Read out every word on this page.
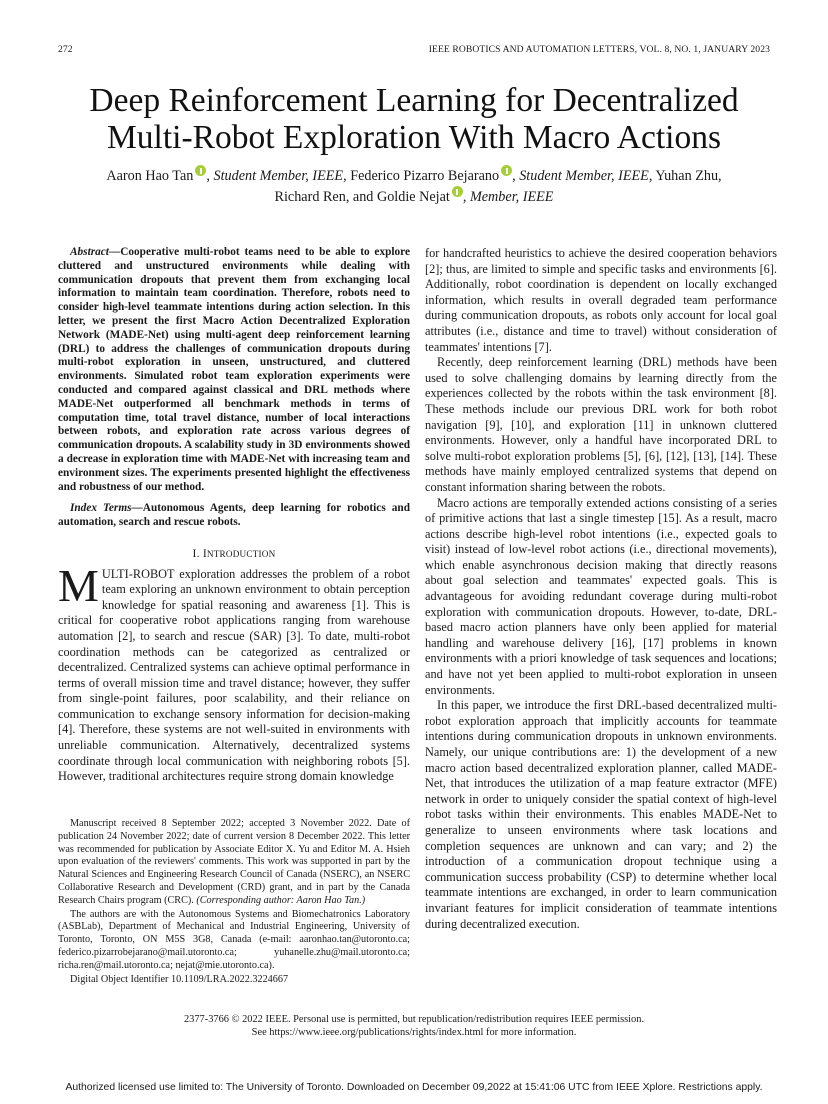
272	IEEE ROBOTICS AND AUTOMATION LETTERS, VOL. 8, NO. 1, JANUARY 2023
Deep Reinforcement Learning for Decentralized
Multi-Robot Exploration With Macro Actions
Aaron Hao Tan , Student Member, IEEE, Federico Pizarro Bejarano , Student Member, IEEE, Yuhan Zhu,
Richard Ren, and Goldie Nejat , Member, IEEE

Abstract—Cooperative multi-robot teams need to be able to explore cluttered and unstructured environments while dealing with communication dropouts that prevent them from exchanging local information to maintain team coordination. Therefore, robots need to consider high-level teammate intentions during action selection. In this letter, we present the first Macro Action Decentralized Exploration Network (MADE-Net) using multi-agent deep reinforcement learning (DRL) to address the challenges of communication dropouts during multi-robot exploration in unseen, unstructured, and cluttered environments. Simulated robot team exploration experiments were conducted and compared against classical and DRL methods where MADE-Net outperformed all benchmark methods in terms of computation time, total travel distance, number of local interactions between robots, and exploration rate across various degrees of communication dropouts. A scalability study in 3D environments showed a decrease in exploration time with MADE-Net with increasing team and environment sizes. The experiments presented highlight the effectiveness and robustness of our method.

Index Terms—Autonomous Agents, deep learning for robotics and automation, search and rescue robots.

I. INTRODUCTION

MULTI-ROBOT exploration addresses the problem of a robot team exploring an unknown environment to obtain perception knowledge for spatial reasoning and awareness [1]. This is critical for cooperative robot applications ranging from warehouse automation [2], to search and rescue (SAR) [3]. To date, multi-robot coordination methods can be categorized as centralized or decentralized. Centralized systems can achieve optimal performance in terms of overall mission time and travel distance; however, they suffer from single-point failures, poor scalability, and their reliance on communication to exchange sensory information for decision-making [4]. Therefore, these systems are not well-suited in environments with unreliable communication. Alternatively, decentralized systems coordinate through local communication with neighboring robots [5]. However, traditional architectures require strong domain knowledge

Manuscript received 8 September 2022; accepted 3 November 2022. Date of publication 24 November 2022; date of current version 8 December 2022. This letter was recommended for publication by Associate Editor X. Yu and Editor M. A. Hsieh upon evaluation of the reviewers' comments. This work was supported in part by the Natural Sciences and Engineering Research Council of Canada (NSERC), an NSERC Collaborative Research and Development (CRD) grant, and in part by the Canada Research Chairs program (CRC). (Corresponding author: Aaron Hao Tan.)

The authors are with the Autonomous Systems and Biomechatronics Laboratory (ASBLab), Department of Mechanical and Industrial Engineering, University of Toronto, Toronto, ON M5S 3G8, Canada (e-mail: aaronhao.tan@utoronto.ca; federico.pizarrobejarano@mail.utoronto.ca; yuhanelle.zhu@mail.utoronto.ca; richa.ren@mail.utoronto.ca; nejat@mie.utoronto.ca).

Digital Object Identifier 10.1109/LRA.2022.3224667

for handcrafted heuristics to achieve the desired cooperation behaviors [2]; thus, are limited to simple and specific tasks and environments [6]. Additionally, robot coordination is dependent on locally exchanged information, which results in overall degraded team performance during communication dropouts, as robots only account for local goal attributes (i.e., distance and time to travel) without consideration of teammates' intentions [7].

Recently, deep reinforcement learning (DRL) methods have been used to solve challenging domains by learning directly from the experiences collected by the robots within the task environment [8]. These methods include our previous DRL work for both robot navigation [9], [10], and exploration [11] in unknown cluttered environments. However, only a handful have incorporated DRL to solve multi-robot exploration problems [5], [6], [12], [13], [14]. These methods have mainly employed centralized systems that depend on constant information sharing between the robots.

Macro actions are temporally extended actions consisting of a series of primitive actions that last a single timestep [15]. As a result, macro actions describe high-level robot intentions (i.e., expected goals to visit) instead of low-level robot actions (i.e., directional movements), which enable asynchronous decision making that directly reasons about goal selection and teammates' expected goals. This is advantageous for avoiding redundant coverage during multi-robot exploration with communication dropouts. However, to-date, DRL-based macro action planners have only been applied for material handling and warehouse delivery [16], [17] problems in known environments with a priori knowledge of task sequences and locations; and have not yet been applied to multi-robot exploration in unseen environments.

In this paper, we introduce the first DRL-based decentralized multi-robot exploration approach that implicitly accounts for teammate intentions during communication dropouts in unknown environments. Namely, our unique contributions are: 1) the development of a new macro action based decentralized exploration planner, called MADE-Net, that introduces the utilization of a map feature extractor (MFE) network in order to uniquely consider the spatial context of high-level robot tasks within their environments. This enables MADE-Net to generalize to unseen environments where task locations and completion sequences are unknown and can vary; and 2) the introduction of a communication dropout technique using a communication success probability (CSP) to determine whether local teammate intentions are exchanged, in order to learn communication invariant features for implicit consideration of teammate intentions during decentralized execution.

2377-3766 © 2022 IEEE. Personal use is permitted, but republication/redistribution requires IEEE permission.
See https://www.ieee.org/publications/rights/index.html for more information.
Authorized licensed use limited to: The University of Toronto. Downloaded on December 09,2022 at 15:41:06 UTC from IEEE Xplore. Restrictions apply.
